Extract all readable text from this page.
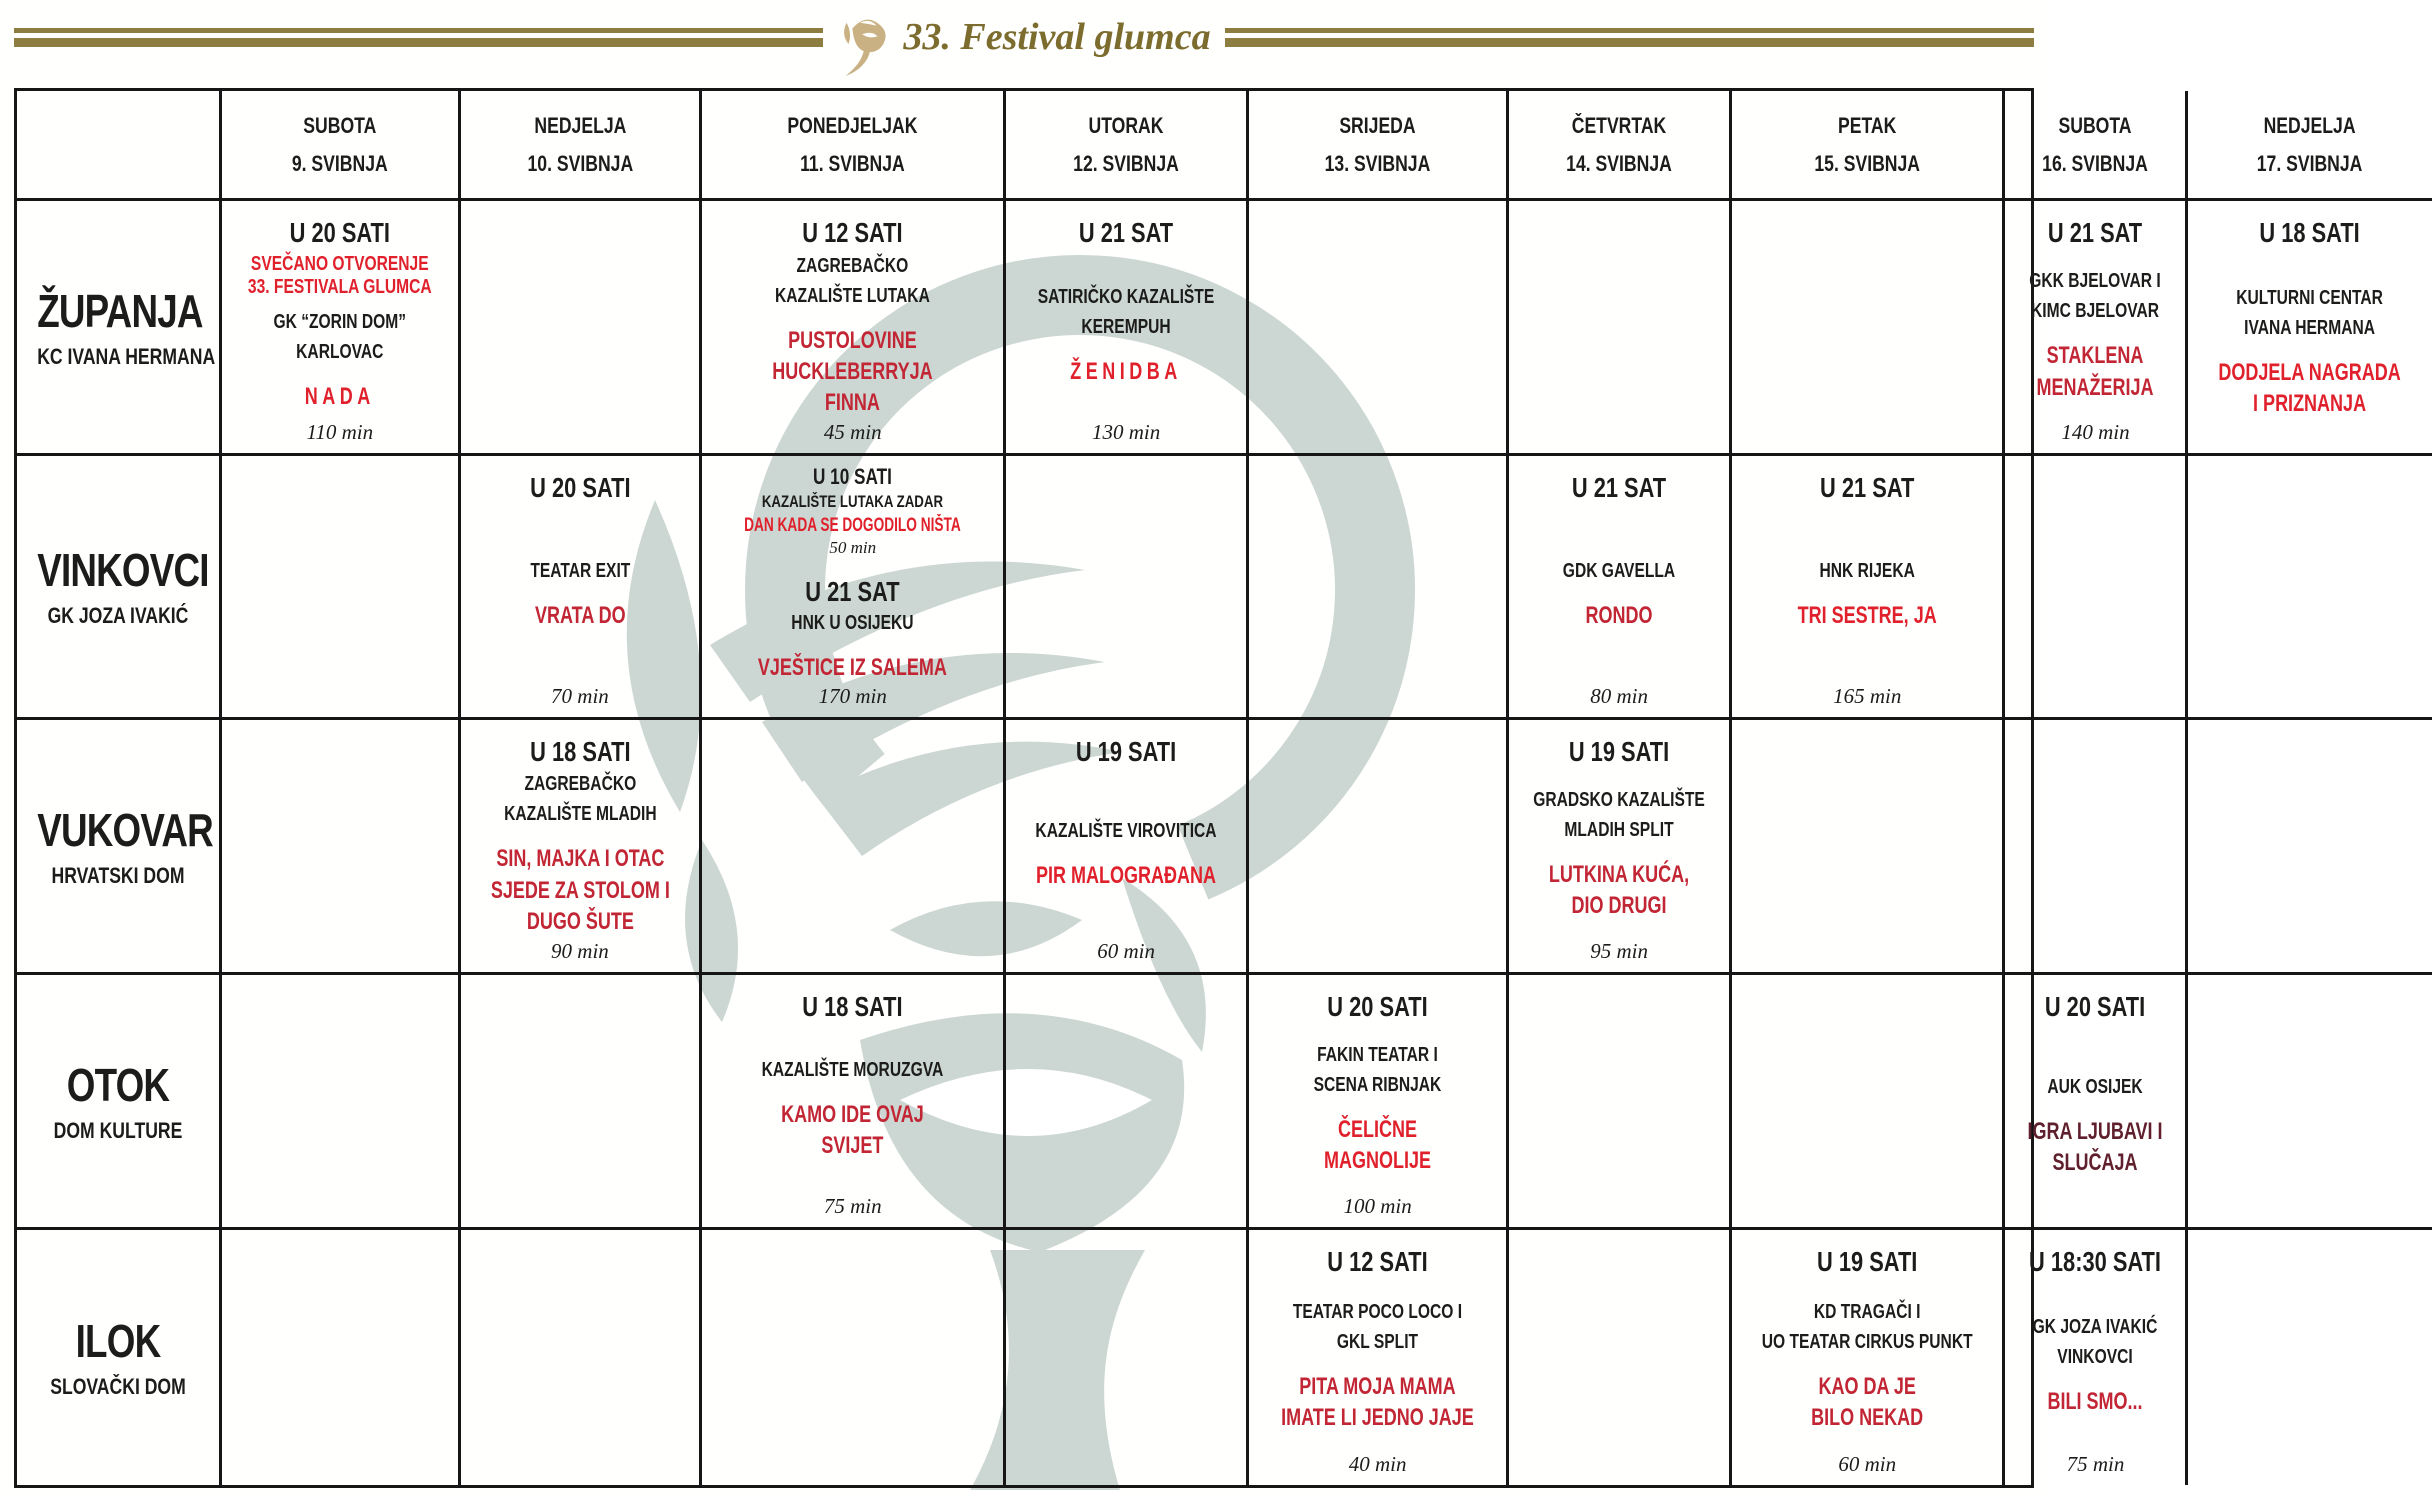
33. Festival glumca
SUBOTA
9. SVIBNJA
NEDJELJA
10. SVIBNJA
PONEDJELJAK
11. SVIBNJA
UTORAK
12. SVIBNJA
SRIJEDA
13. SVIBNJA
ČETVRTAK
14. SVIBNJA
PETAK
15. SVIBNJA
SUBOTA
16. SVIBNJA
NEDJELJA
17. SVIBNJA
ŽUPANJA
KC IVANA HERMANA
U 20 SATI
SVEČANO OTVORENJE
33. FESTIVALA GLUMCA
GK “ZORIN DOM”
KARLOVAC
NADA
110 min
U 12 SATI
ZAGREBAČKO
KAZALIŠTE LUTAKA
PUSTOLOVINE
HUCKLEBERRYJA
FINNA
45 min
U 21 SAT
SATIRIČKO KAZALIŠTE
KEREMPUH
ŽENIDBA
130 min
U 21 SAT
GKK BJELOVAR I
KIMC BJELOVAR
STAKLENA
MENAŽERIJA
140 min
U 18 SATI
KULTURNI CENTAR
IVANA HERMANA
DODJELA NAGRADA
I PRIZNANJA
VINKOVCI
GK JOZA IVAKIĆ
U 20 SATI
TEATAR EXIT
VRATA DO
70 min
U 10 SATI
KAZALIŠTE LUTAKA ZADAR
DAN KADA SE DOGODILO NIŠTA
50 min
U 21 SAT
HNK U OSIJEKU
VJEŠTICE IZ SALEMA
170 min
U 21 SAT
GDK GAVELLA
RONDO
80 min
U 21 SAT
HNK RIJEKA
TRI SESTRE, JA
165 min
VUKOVAR
HRVATSKI DOM
U 18 SATI
ZAGREBAČKO
KAZALIŠTE MLADIH
SIN, MAJKA I OTAC
SJEDE ZA STOLOM I
DUGO ŠUTE
90 min
U 19 SATI
KAZALIŠTE VIROVITICA
PIR MALOGRAĐANA
60 min
U 19 SATI
GRADSKO KAZALIŠTE
MLADIH SPLIT
LUTKINA KUĆA,
DIO DRUGI
95 min
OTOK
DOM KULTURE
U 18 SATI
KAZALIŠTE MORUZGVA
KAMO IDE OVAJ
SVIJET
75 min
U 20 SATI
FAKIN TEATAR I
SCENA RIBNJAK
ČELIČNE
MAGNOLIJE
100 min
U 20 SATI
AUK OSIJEK
IGRA LJUBAVI I
SLUČAJA
ILOK
SLOVAČKI DOM
U 12 SATI
TEATAR POCO LOCO I
GKL SPLIT
PITA MOJA MAMA
IMATE LI JEDNO JAJE
40 min
U 19 SATI
KD TRAGAČI I
UO TEATAR CIRKUS PUNKT
KAO DA JE
BILO NEKAD
60 min
U 18:30 SATI
GK JOZA IVAKIĆ
VINKOVCI
BILI SMO...
75 min
